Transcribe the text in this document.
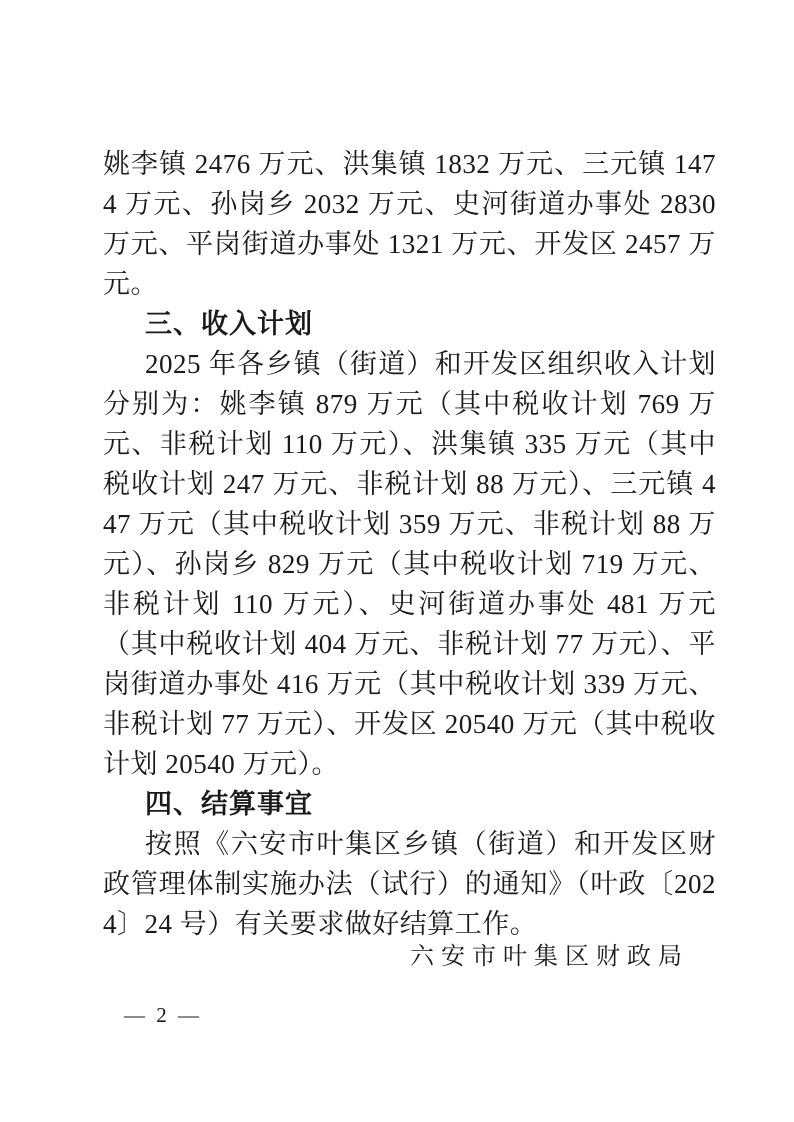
姚李镇 2476 万元、洪集镇 1832 万元、三元镇 1474 万元、孙岗乡 2032 万元、史河街道办事处 2830 万元、平岗街道办事处 1321 万元、开发区 2457 万元。

三、收入计划

2025 年各乡镇（街道）和开发区组织收入计划分别为：姚李镇 879 万元（其中税收计划 769 万元、非税计划 110 万元）、洪集镇 335 万元（其中税收计划 247 万元、非税计划 88 万元）、三元镇 447 万元（其中税收计划 359 万元、非税计划 88 万元）、孙岗乡 829 万元（其中税收计划 719 万元、非税计划 110 万元）、史河街道办事处 481 万元（其中税收计划 404 万元、非税计划 77 万元）、平岗街道办事处 416 万元（其中税收计划 339 万元、非税计划 77 万元）、开发区 20540 万元（其中税收计划 20540 万元）。

四、结算事宜

按照《六安市叶集区乡镇（街道）和开发区财政管理体制实施办法（试行）的通知》（叶政〔2024〕24 号）有关要求做好结算工作。

六安市叶集区财政局
— 2 —
